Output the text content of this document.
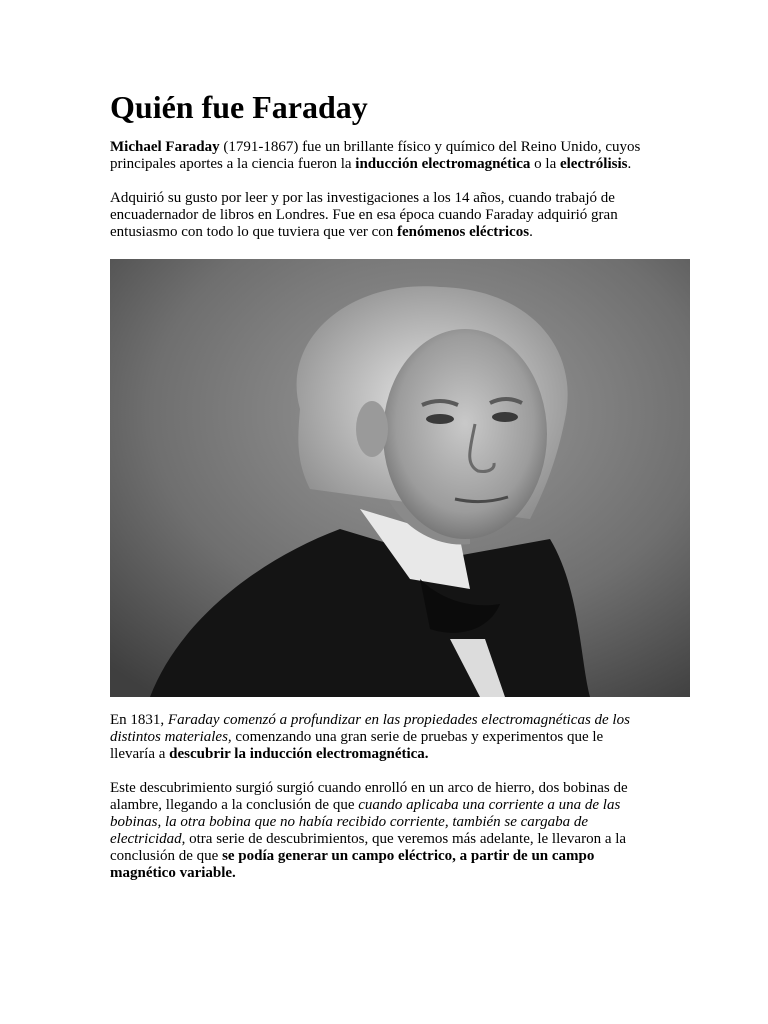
Quién fue Faraday

Michael Faraday (1791-1867) fue un brillante físico y químico del Reino Unido, cuyos
principales aportes a la ciencia fueron la inducción electromagnética o la electrólisis.

Adquirió su gusto por leer y por las investigaciones a los 14 años, cuando trabajó de
encuadernador de libros en Londres. Fue en esa época cuando Faraday adquirió gran
entusiasmo con todo lo que tuviera que ver con fenómenos eléctricos.

En 1831, Faraday comenzó a profundizar en las propiedades electromagnéticas de los
distintos materiales, comenzando una gran serie de pruebas y experimentos que le
llevaría a descubrir la inducción electromagnética.

Este descubrimiento surgió surgió cuando enrolló en un arco de hierro, dos bobinas de
alambre, llegando a la conclusión de que cuando aplicaba una corriente a una de las
bobinas, la otra bobina que no había recibido corriente, también se cargaba de
electricidad, otra serie de descubrimientos, que veremos más adelante, le llevaron a la
conclusión de que se podía generar un campo eléctrico, a partir de un campo
magnético variable.
